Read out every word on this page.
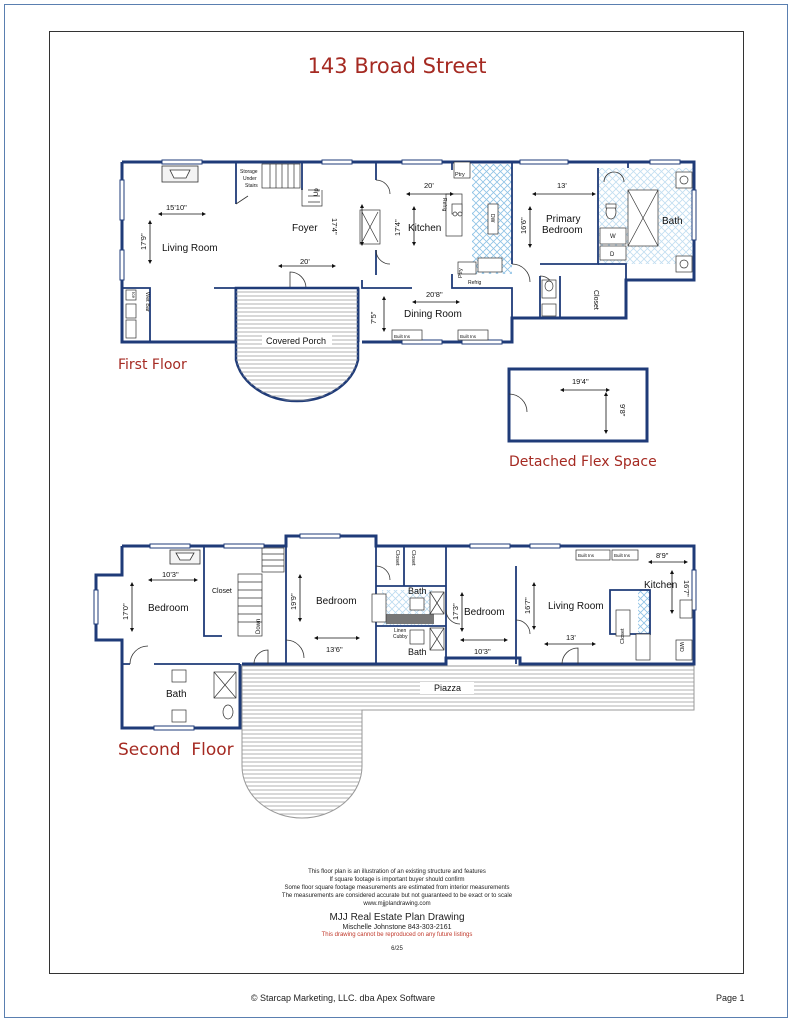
143 Broad Street
Living Room
15'10"
17'9"
Storage
Under
Stairs
Up
Foyer
20'
17'4"	Kitchen
20'
17'4"
Ptry
DW
Refrig
Refrig
Ptry
Primary
Bedroom
13'
16'6"	Bath
W
D
Closet
Dining Room
20'8"
7'5"
Built Ins	Built Ins
Wet Bar
Ice
Covered Porch
19'4"
9'8"
Bedroom
10'3"
17'0"
Closet
Down
Bath
Bedroom
13'6"
19'9"
Bath
Bath
Linen
Cubby
Closet Closet
Bedroom
10'3"
17'3"	Living Room
13'
16'7"
Kitchen
8'9"
16'7"
Built Ins	Built Ins
Closet
W/D
Piazza
First Floor
Detached Flex Space
Second  Floor
This floor plan is an illustration of an existing structure and features
If square footage is important buyer should confirm
Some floor square footage measurements are estimated from interior measurements
The measurements are considered accurate but not guaranteed to be exact or to scale
www.mjjplandrawing.com
MJJ Real Estate Plan Drawing
Mischelle Johnstone 843-303-2161
This drawing cannot be reproduced on any future listings
6/25
© Starcap Marketing, LLC. dba Apex Software	Page 1
